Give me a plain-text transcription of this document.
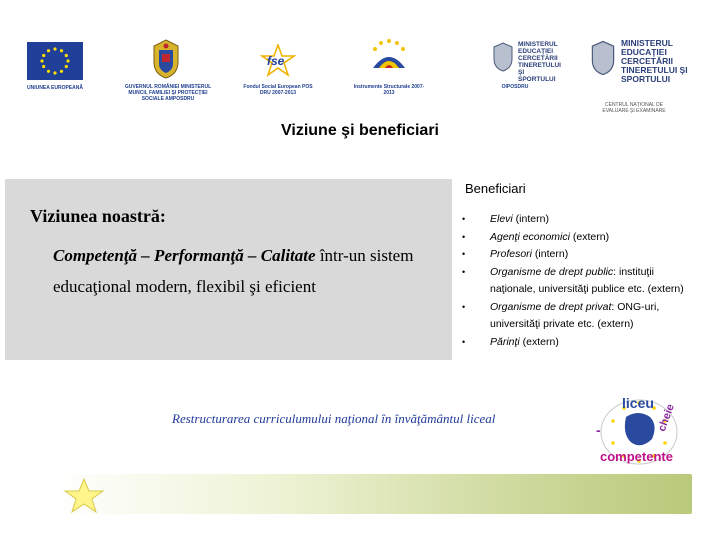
UNIUNEA EUROPEANĂ	GUVERNUL ROMÂNIEI MINISTERUL MUNCII, FAMILIEI ŞI PROTECŢIEI SOCIALE AMPOSDRU
fse
Fondul Social European POS DRU 2007-2013
Instrumente Structurale 2007-2013
MINISTERUL EDUCAŢIEI CERCETĂRII TINERETULUI ŞI SPORTULUI
OIPOSDRU
MINISTERUL EDUCAŢIEI CERCETĂRII TINERETULUI ŞI SPORTULUI
CENTRUL NAŢIONAL DE EVALUARE ŞI EXAMINARE
Viziune şi beneficiari
Viziunea noastră:
Competenţă – Performanţă – Calitate într-un sistem educaţional modern, flexibil şi eficient
Beneficiari
• Elevi (intern)
• Agenţi economici (extern)
• Profesori (intern)
• Organisme de drept public: instituţii naţionale, universităţi publice etc. (extern)
• Organisme de drept privat: ONG-uri, universităţi private etc. (extern)
• Părinţi (extern)
Restructurarea curriculumului naţional în învăţământul liceal
liceu
-	cheie
competente
